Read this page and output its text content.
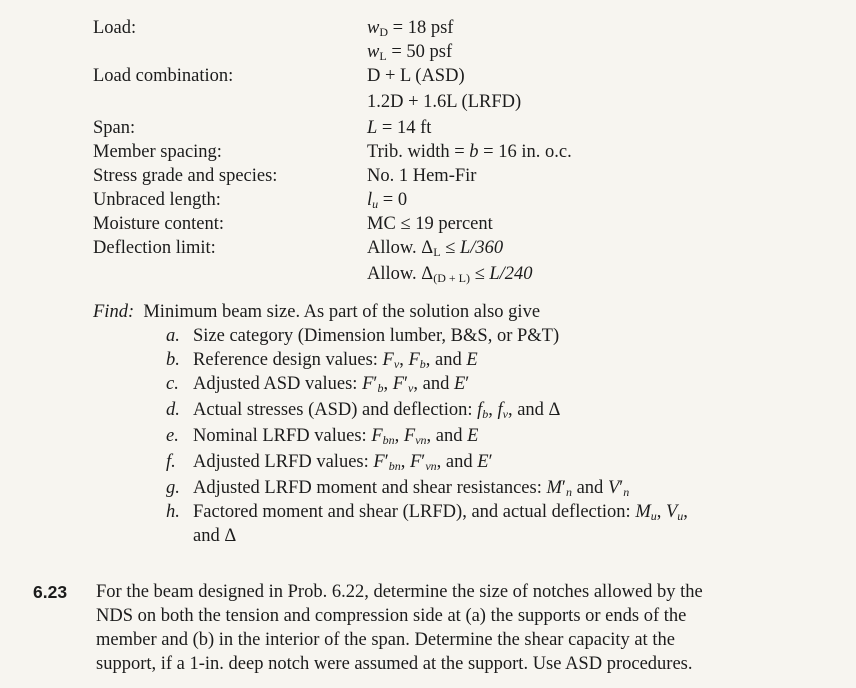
Load:	$w_D = 18$ psf
$w_L = 50$ psf
Load combination:	D + L (ASD)
1.2D + 1.6L (LRFD)
Span:	L = 14 ft
Member spacing:	Trib. width = b = 16 in. o.c.
Stress grade and species:	No. 1 Hem-Fir
Unbraced length:	$l_u = 0$
Moisture content:	MC ≤ 19 percent
Deflection limit:	Allow. $\Delta_L \le L/360$
Allow. $\Delta_{(D + L)} \le L/240$
Find: Minimum beam size. As part of the solution also give
a. Size category (Dimension lumber, B&S, or P&T)
b. Reference design values: $F_v$, $F_b$, and E
c. Adjusted ASD values: $F'_b$, $F'_v$, and E′
d. Actual stresses (ASD) and deflection: $f_b$, $f_v$, and Δ
e. Nominal LRFD values: $F_{bn}$, $F_{vn}$, and E
f. Adjusted LRFD values: $F'_{bn}$, $F'_{vn}$, and E′
g. Adjusted LRFD moment and shear resistances: $M'_n$ and $V'_n$
h. Factored moment and shear (LRFD), and actual deflection: $M_u$, $V_u$,
and Δ
6.23 For the beam designed in Prob. 6.22, determine the size of notches allowed by the
NDS on both the tension and compression side at (a) the supports or ends of the
member and (b) in the interior of the span. Determine the shear capacity at the
support, if a 1-in. deep notch were assumed at the support. Use ASD procedures.
